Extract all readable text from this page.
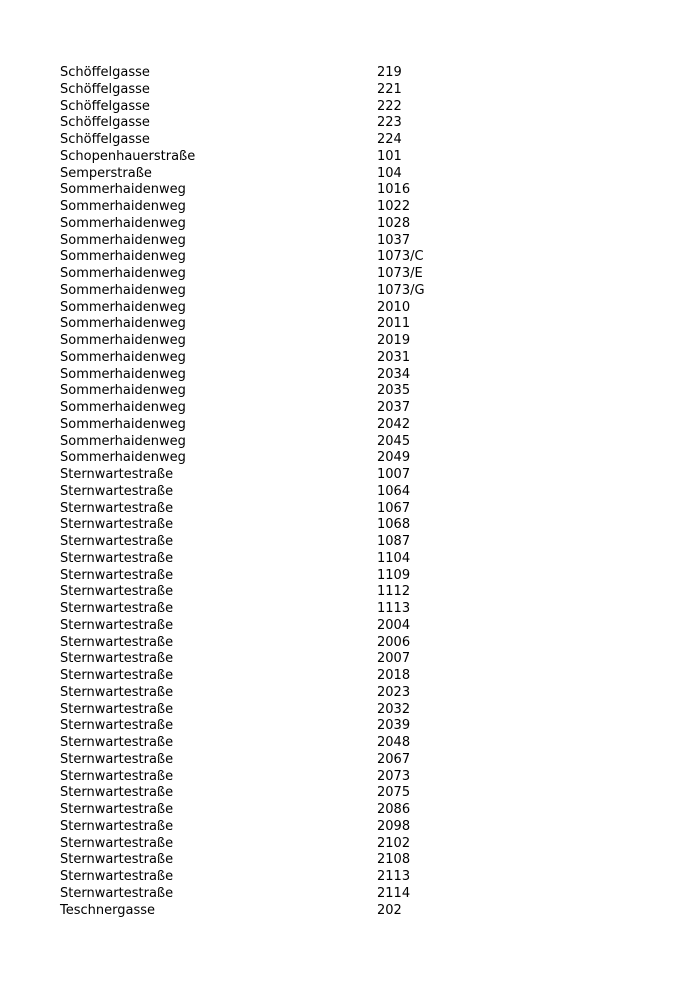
Schöffelgasse	219
Schöffelgasse	221
Schöffelgasse	222
Schöffelgasse	223
Schöffelgasse	224
Schopenhauerstraße	101
Semperstraße	104
Sommerhaidenweg	1016
Sommerhaidenweg	1022
Sommerhaidenweg	1028
Sommerhaidenweg	1037
Sommerhaidenweg	1073/C
Sommerhaidenweg	1073/E
Sommerhaidenweg	1073/G
Sommerhaidenweg	2010
Sommerhaidenweg	2011
Sommerhaidenweg	2019
Sommerhaidenweg	2031
Sommerhaidenweg	2034
Sommerhaidenweg	2035
Sommerhaidenweg	2037
Sommerhaidenweg	2042
Sommerhaidenweg	2045
Sommerhaidenweg	2049
Sternwartestraße	1007
Sternwartestraße	1064
Sternwartestraße	1067
Sternwartestraße	1068
Sternwartestraße	1087
Sternwartestraße	1104
Sternwartestraße	1109
Sternwartestraße	1112
Sternwartestraße	1113
Sternwartestraße	2004
Sternwartestraße	2006
Sternwartestraße	2007
Sternwartestraße	2018
Sternwartestraße	2023
Sternwartestraße	2032
Sternwartestraße	2039
Sternwartestraße	2048
Sternwartestraße	2067
Sternwartestraße	2073
Sternwartestraße	2075
Sternwartestraße	2086
Sternwartestraße	2098
Sternwartestraße	2102
Sternwartestraße	2108
Sternwartestraße	2113
Sternwartestraße	2114
Teschnergasse	202
